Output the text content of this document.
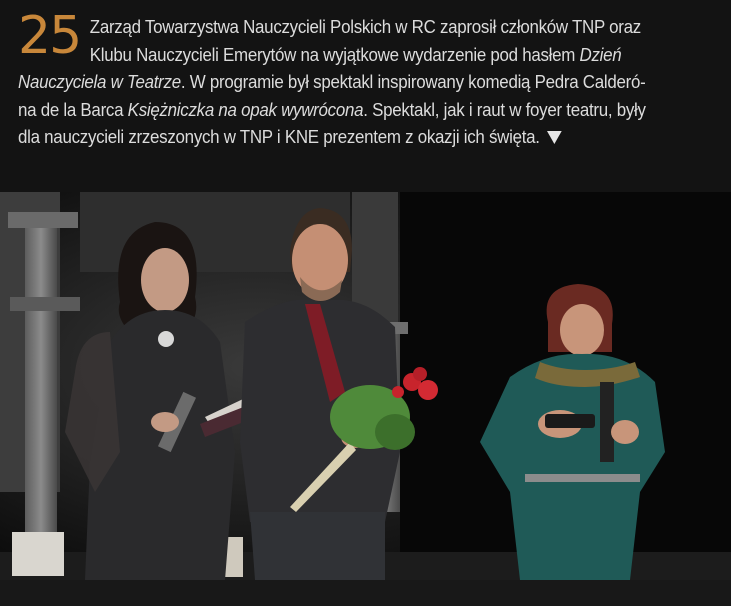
25 Zarząd Towarzystwa Nauczycieli Polskich w RC zaprosił członków TNP oraz
Klubu Nauczycieli Emerytów na wyjątkowe wydarzenie pod hasłem Dzień
Nauczyciela w Teatrze. W programie był spektakl inspirowany komedią Pedra Calderó-
na de la Barca Księżniczka na opak wywrócona. Spektakl, jak i raut w foyer teatru, były
dla nauczycieli zrzeszonych w TNP i KNE prezentem z okazji ich święta.
